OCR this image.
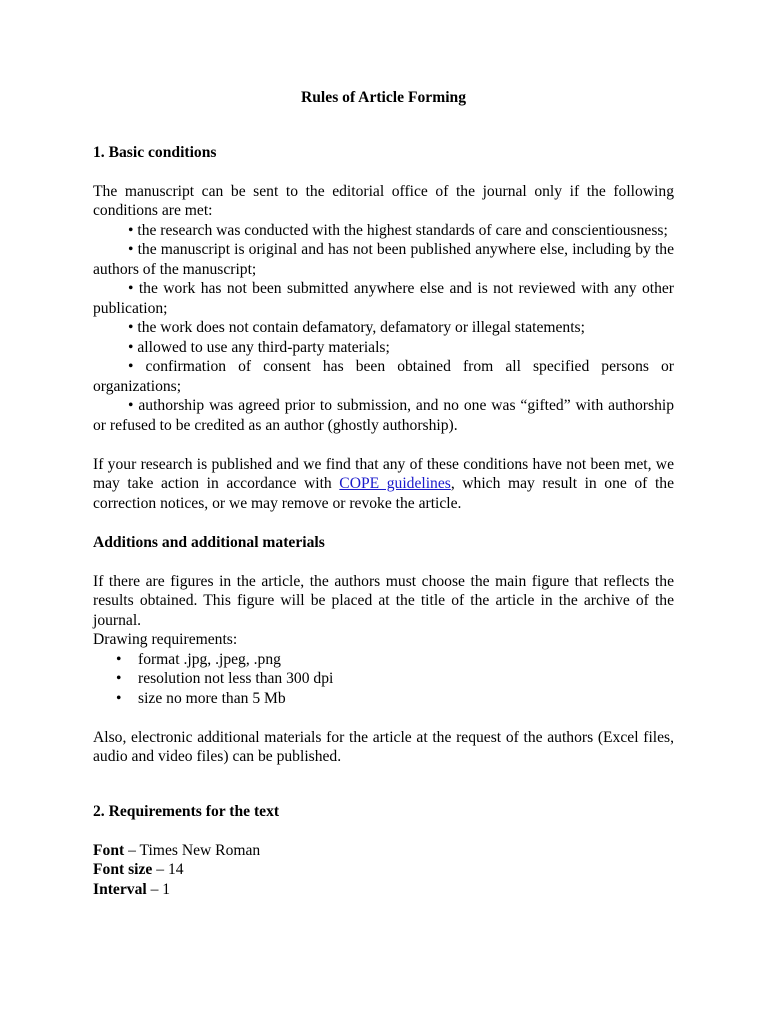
Rules of Article Forming
1. Basic conditions

The manuscript can be sent to the editorial office of the journal only if the following conditions are met:

• the research was conducted with the highest standards of care and conscientiousness;

• the manuscript is original and has not been published anywhere else, including by the authors of the manuscript;

• the work has not been submitted anywhere else and is not reviewed with any other publication;

• the work does not contain defamatory, defamatory or illegal statements;

• allowed to use any third-party materials;

• confirmation of consent has been obtained from all specified persons or organizations;

• authorship was agreed prior to submission, and no one was “gifted” with authorship or refused to be credited as an author (ghostly authorship).

If your research is published and we find that any of these conditions have not been met, we may take action in accordance with COPE guidelines, which may result in one of the correction notices, or we may remove or revoke the article.

Additions and additional materials

If there are figures in the article, the authors must choose the main figure that reflects the results obtained. This figure will be placed at the title of the article in the archive of the journal.

Drawing requirements:

• format .jpg, .jpeg, .png
• resolution not less than 300 dpi
• size no more than 5 Mb

Also, electronic additional materials for the article at the request of the authors (Excel files, audio and video files) can be published.

2. Requirements for the text

Font – Times New Roman

Font size – 14

Interval – 1
